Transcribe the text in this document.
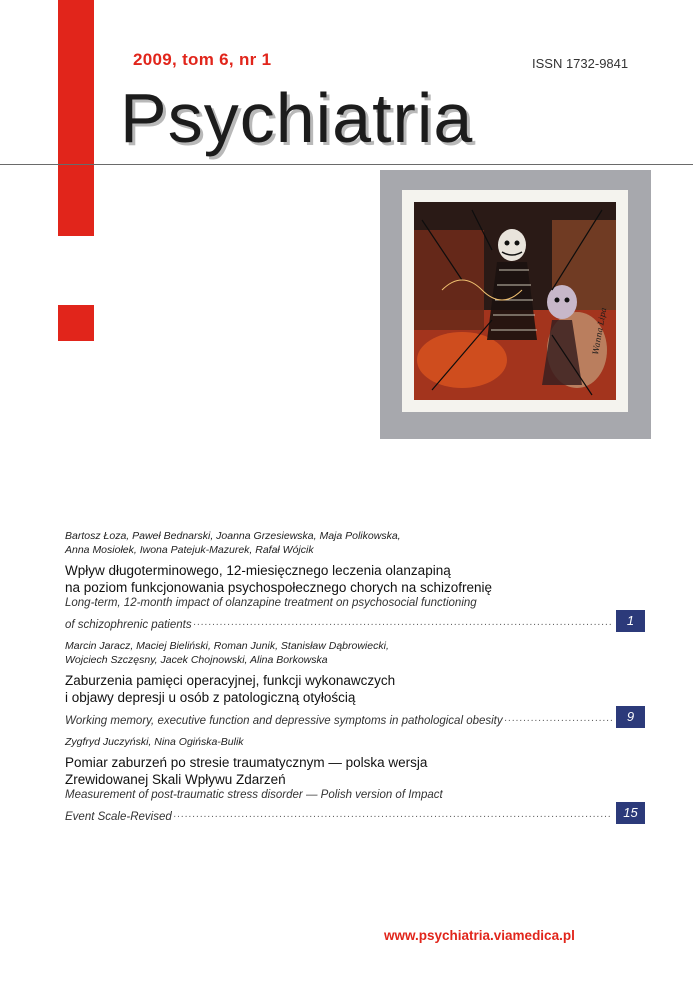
2009, tom 6, nr 1	ISSN 1732-9841
Psychiatria
Wanna Lipa
Bartosz Łoza, Paweł Bednarski, Joanna Grzesiewska, Maja Polikowska,
Anna Mosiołek, Iwona Patejuk-Mazurek, Rafał Wójcik
Wpływ długoterminowego, 12-miesięcznego leczenia olanzapiną
na poziom funkcjonowania psychospołecznego chorych na schizofrenię
Long-term, 12-month impact of olanzapine treatment on psychosocial functioning
of schizophrenic patients .....	1
Marcin Jaracz, Maciej Bieliński, Roman Junik, Stanisław Dąbrowiecki,
Wojciech Szczęsny, Jacek Chojnowski, Alina Borkowska
Zaburzenia pamięci operacyjnej, funkcji wykonawczych
i objawy depresji u osób z patologiczną otyłością
Working memory, executive function and depressive symptoms in pathological obesity .....	9
Zygfryd Juczyński, Nina Ogińska-Bulik
Pomiar zaburzeń po stresie traumatycznym — polska wersja
Zrewidowanej Skali Wpływu Zdarzeń
Measurement of post-traumatic stress disorder — Polish version of Impact
Event Scale-Revised .....	15
www.psychiatria.viamedica.pl
